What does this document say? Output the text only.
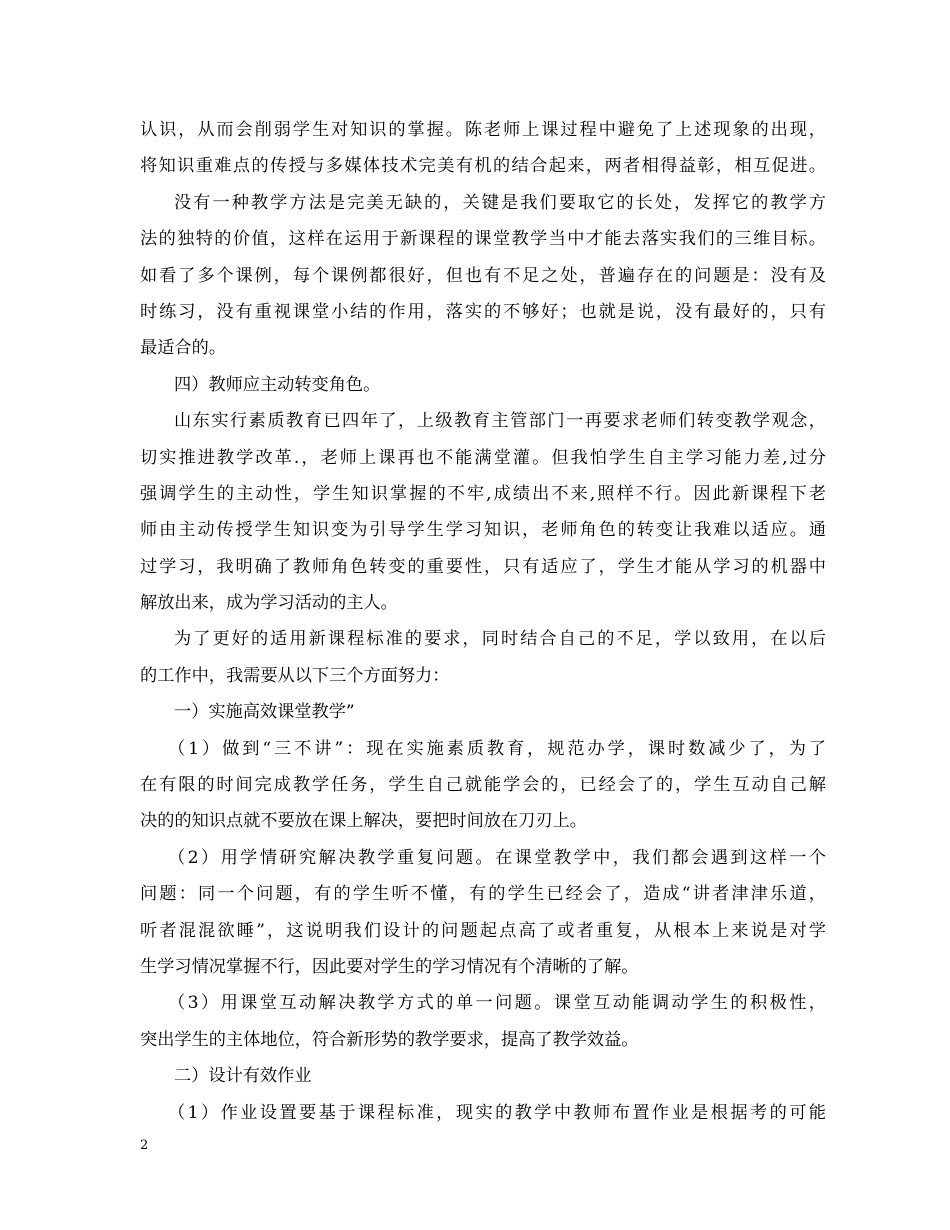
认识，从而会削弱学生对知识的掌握。陈老师上课过程中避免了上述现象的出现，
将知识重难点的传授与多媒体技术完美有机的结合起来，两者相得益彰，相互促进。
没有一种教学方法是完美无缺的，关键是我们要取它的长处，发挥它的教学方
法的独特的价值，这样在运用于新课程的课堂教学当中才能去落实我们的三维目标。
如看了多个课例，每个课例都很好，但也有不足之处，普遍存在的问题是：没有及
时练习，没有重视课堂小结的作用，落实的不够好；也就是说，没有最好的，只有
最适合的。
四）教师应主动转变角色。
山东实行素质教育已四年了，上级教育主管部门一再要求老师们转变教学观念，
切实推进教学改革.，老师上课再也不能满堂灌。但我怕学生自主学习能力差,过分
强调学生的主动性，学生知识掌握的不牢,成绩出不来,照样不行。因此新课程下老
师由主动传授学生知识变为引导学生学习知识，老师角色的转变让我难以适应。通
过学习，我明确了教师角色转变的重要性，只有适应了，学生才能从学习的机器中
解放出来，成为学习活动的主人。
为了更好的适用新课程标准的要求，同时结合自己的不足，学以致用，在以后
的工作中，我需要从以下三个方面努力：
一）实施高效课堂教学”
（1）做到“三不讲”：现在实施素质教育，规范办学，课时数减少了，为了
在有限的时间完成教学任务，学生自己就能学会的，已经会了的，学生互动自己解
决的的知识点就不要放在课上解决，要把时间放在刀刃上。
（2）用学情研究解决教学重复问题。在课堂教学中，我们都会遇到这样一个
问题：同一个问题，有的学生听不懂，有的学生已经会了，造成“讲者津津乐道，
听者混混欲睡”，这说明我们设计的问题起点高了或者重复，从根本上来说是对学
生学习情况掌握不行，因此要对学生的学习情况有个清晰的了解。
（3）用课堂互动解决教学方式的单一问题。课堂互动能调动学生的积极性，
突出学生的主体地位，符合新形势的教学要求，提高了教学效益。
二）设计有效作业
（1）作业设置要基于课程标准，现实的教学中教师布置作业是根据考的可能
2
